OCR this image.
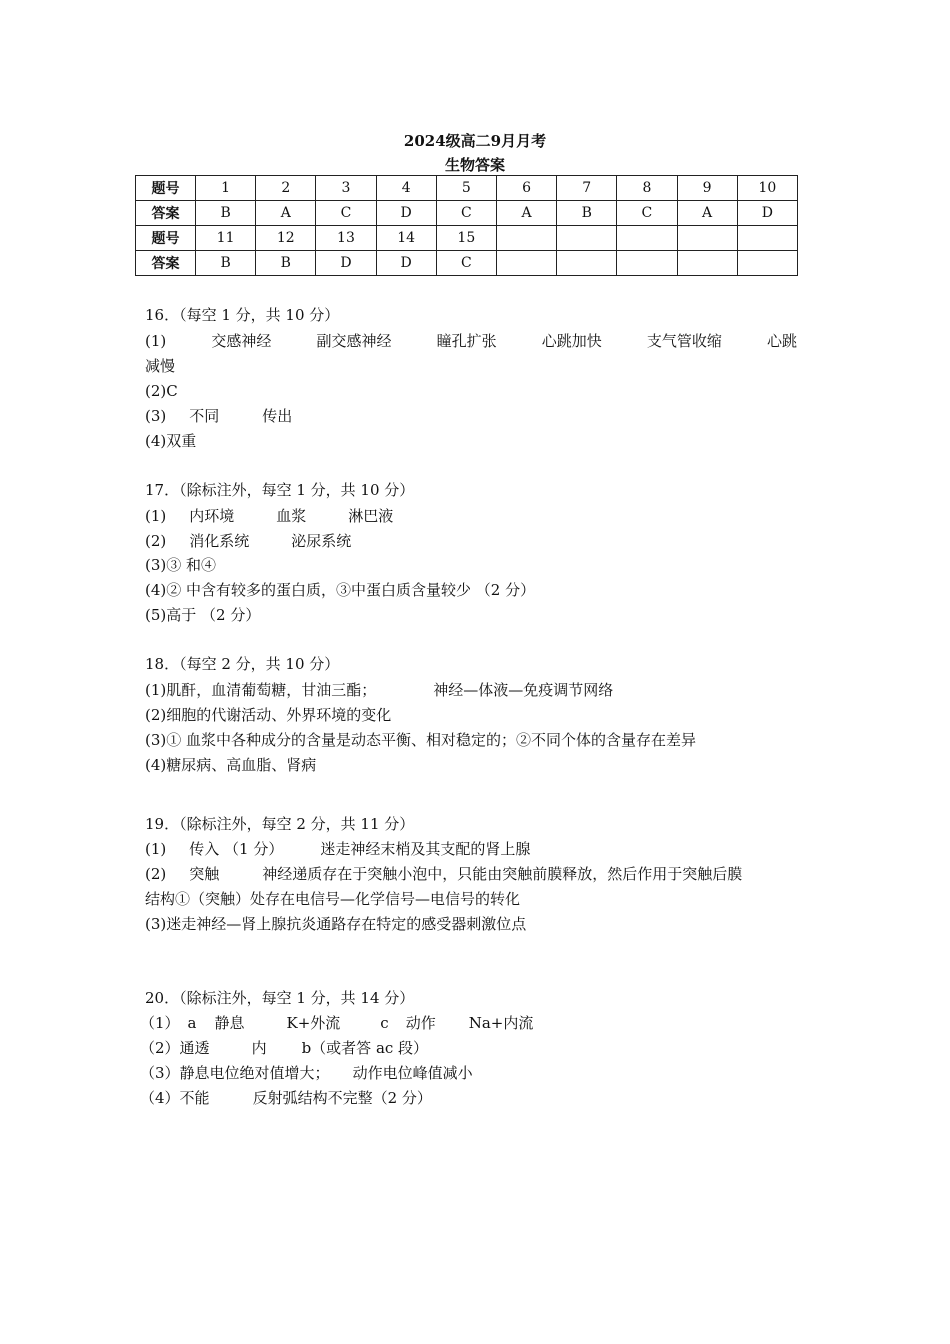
2024级高二9月月考
生物答案
题号	1	2	3	4	5	6	7	8	9	10
答案	B	A	C	D	C	A	B	C	A	D
题号	11	12	13	14	15					
答案	B	B	D	D	C					
16．（每空 1 分，共 10 分）
(1)	交感神经	副交感神经	瞳孔扩张	心跳加快	支气管收缩	心跳
减慢
(2)C
(3) 不同	传出
(4)双重
17．（除标注外，每空 1 分，共 10 分）
(1) 内环境	血浆	淋巴液
(2) 消化系统	泌尿系统
(3)③ 和④
(4)② 中含有较多的蛋白质，③中蛋白质含量较少 （2 分）
(5)高于 （2 分）
18．（每空 2 分，共 10 分）
(1)肌酐，血清葡萄糖，甘油三酯；	神经—体液—免疫调节网络
(2)细胞的代谢活动、外界环境的变化
(3)① 血浆中各种成分的含量是动态平衡、相对稳定的；②不同个体的含量存在差异
(4)糖尿病、高血脂、肾病
19．（除标注外，每空 2 分，共 11 分）
(1) 传入 （1 分） 迷走神经末梢及其支配的肾上腺
(2) 突触	神经递质存在于突触小泡中，只能由突触前膜释放，然后作用于突触后膜
结构①（突触）处存在电信号—化学信号—电信号的转化
(3)迷走神经—肾上腺抗炎通路存在特定的感受器刺激位点
20．（除标注外，每空 1 分，共 14 分）
（1） a 静息	K+外流	c 动作 Na+内流
（2）通透	内 b（或者答 ac 段）
（3）静息电位绝对值增大； 动作电位峰值减小
（4）不能	反射弧结构不完整（2 分）
